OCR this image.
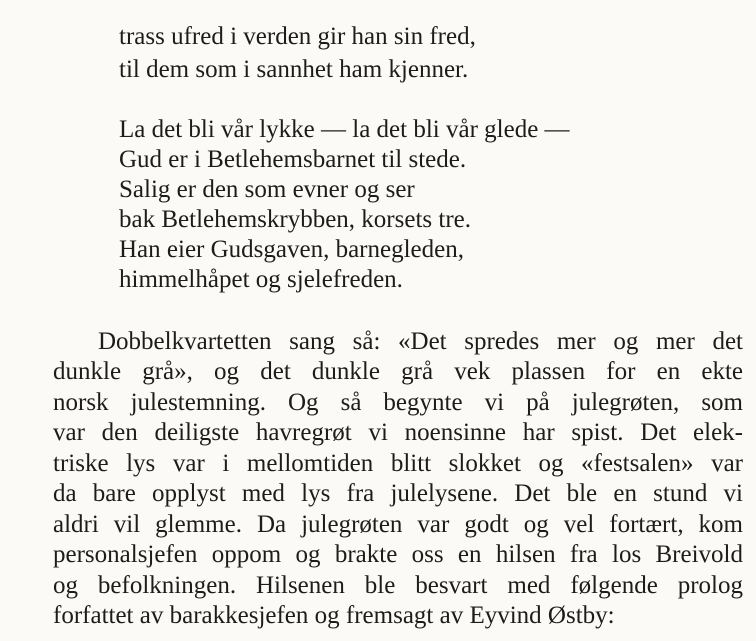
trass ufred i verden gir han sin fred,
til dem som i sannhet ham kjenner.
La det bli vår lykke — la det bli vår glede —
Gud er i Betlehemsbarnet til stede.
Salig er den som evner og ser
bak Betlehemskrybben, korsets tre.
Han eier Gudsgaven, barnegleden,
himmelhåpet og sjelefreden.
Dobbelkvartetten sang så: «Det spredes mer og mer det
dunkle grå», og det dunkle grå vek plassen for en ekte
norsk julestemning. Og så begynte vi på julegrøten, som
var den deiligste havregrøt vi noensinne har spist. Det elek-
triske lys var i mellomtiden blitt slokket og «festsalen» var
da bare opplyst med lys fra julelysene. Det ble en stund vi
aldri vil glemme. Da julegrøten var godt og vel fortært, kom
personalsjefen oppom og brakte oss en hilsen fra los Breivold
og befolkningen. Hilsenen ble besvart med følgende prolog
forfattet av barakkesjefen og fremsagt av Eyvind Østby:
